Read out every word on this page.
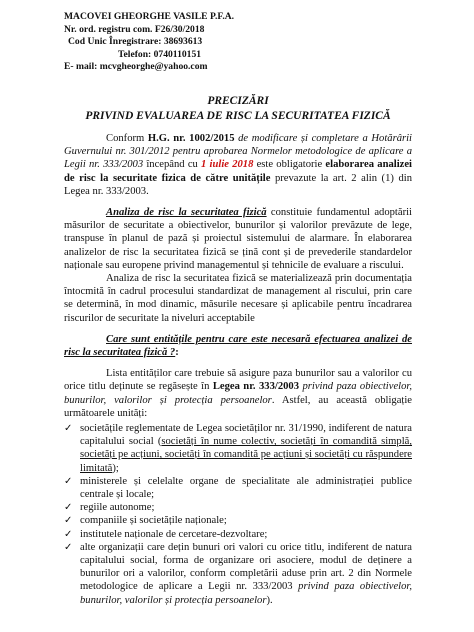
MACOVEI GHEORGHE VASILE P.F.A.
Nr. ord. registru com. F26/30/2018
Cod Unic Înregistrare: 38693613
Telefon: 0740110151
E- mail: mcvgheorghe@yahoo.com
PRECIZĂRI
PRIVIND EVALUAREA DE RISC LA SECURITATEA FIZICĂ

Conform H.G. nr. 1002/2015 de modificare și completare a Hotărârii Guvernului nr. 301/2012 pentru aprobarea Normelor metodologice de aplicare a Legii nr. 333/2003 începând cu 1 iulie 2018 este obligatorie elaborarea analizei de risc la securitate fizica de către unitățile prevazute la art. 2 alin (1) din Legea nr. 333/2003.

Analiza de risc la securitatea fizică constituie fundamentul adoptării măsurilor de securitate a obiectivelor, bunurilor și valorilor prevăzute de lege, transpuse în planul de pază și proiectul sistemului de alarmare. În elaborarea analizelor de risc la securitatea fizică se țină cont și de prevederile standardelor naționale sau europene privind managementul și tehnicile de evaluare a riscului.

Analiza de risc la securitatea fizică se materializează prin documentația întocmită în cadrul procesului standardizat de management al riscului, prin care se determină, în mod dinamic, măsurile necesare și aplicabile pentru încadrarea riscurilor de securitate la niveluri acceptabile

Care sunt entitățile pentru care este necesară efectuarea analizei de risc la securitatea fizică ?:

Lista entităților care trebuie să asigure paza bunurilor sau a valorilor cu orice titlu deținute se regăsește în Legea nr. 333/2003 privind paza obiectivelor, bunurilor, valorilor și protecția persoanelor. Astfel, au această obligație următoarele unități:

✓ societățile reglementate de Legea societăților nr. 31/1990, indiferent de natura capitalului social (societăți în nume colectiv, societăți în comandită simplă, societăți pe acțiuni, societăți în comandită pe acțiuni și societăți cu răspundere limitată);
✓ ministerele și celelalte organe de specialitate ale administrației publice centrale și locale;
✓ regiile autonome;
✓ companiile și societățile naționale;
✓ institutele naționale de cercetare-dezvoltare;
✓ alte organizații care dețin bunuri ori valori cu orice titlu, indiferent de natura capitalului social, forma de organizare ori asociere, modul de deținere a bunurilor ori a valorilor, conform completării aduse prin art. 2 din Normele metodologice de aplicare a Legii nr. 333/2003 privind paza obiectivelor, bunurilor, valorilor și protecția persoanelor).
